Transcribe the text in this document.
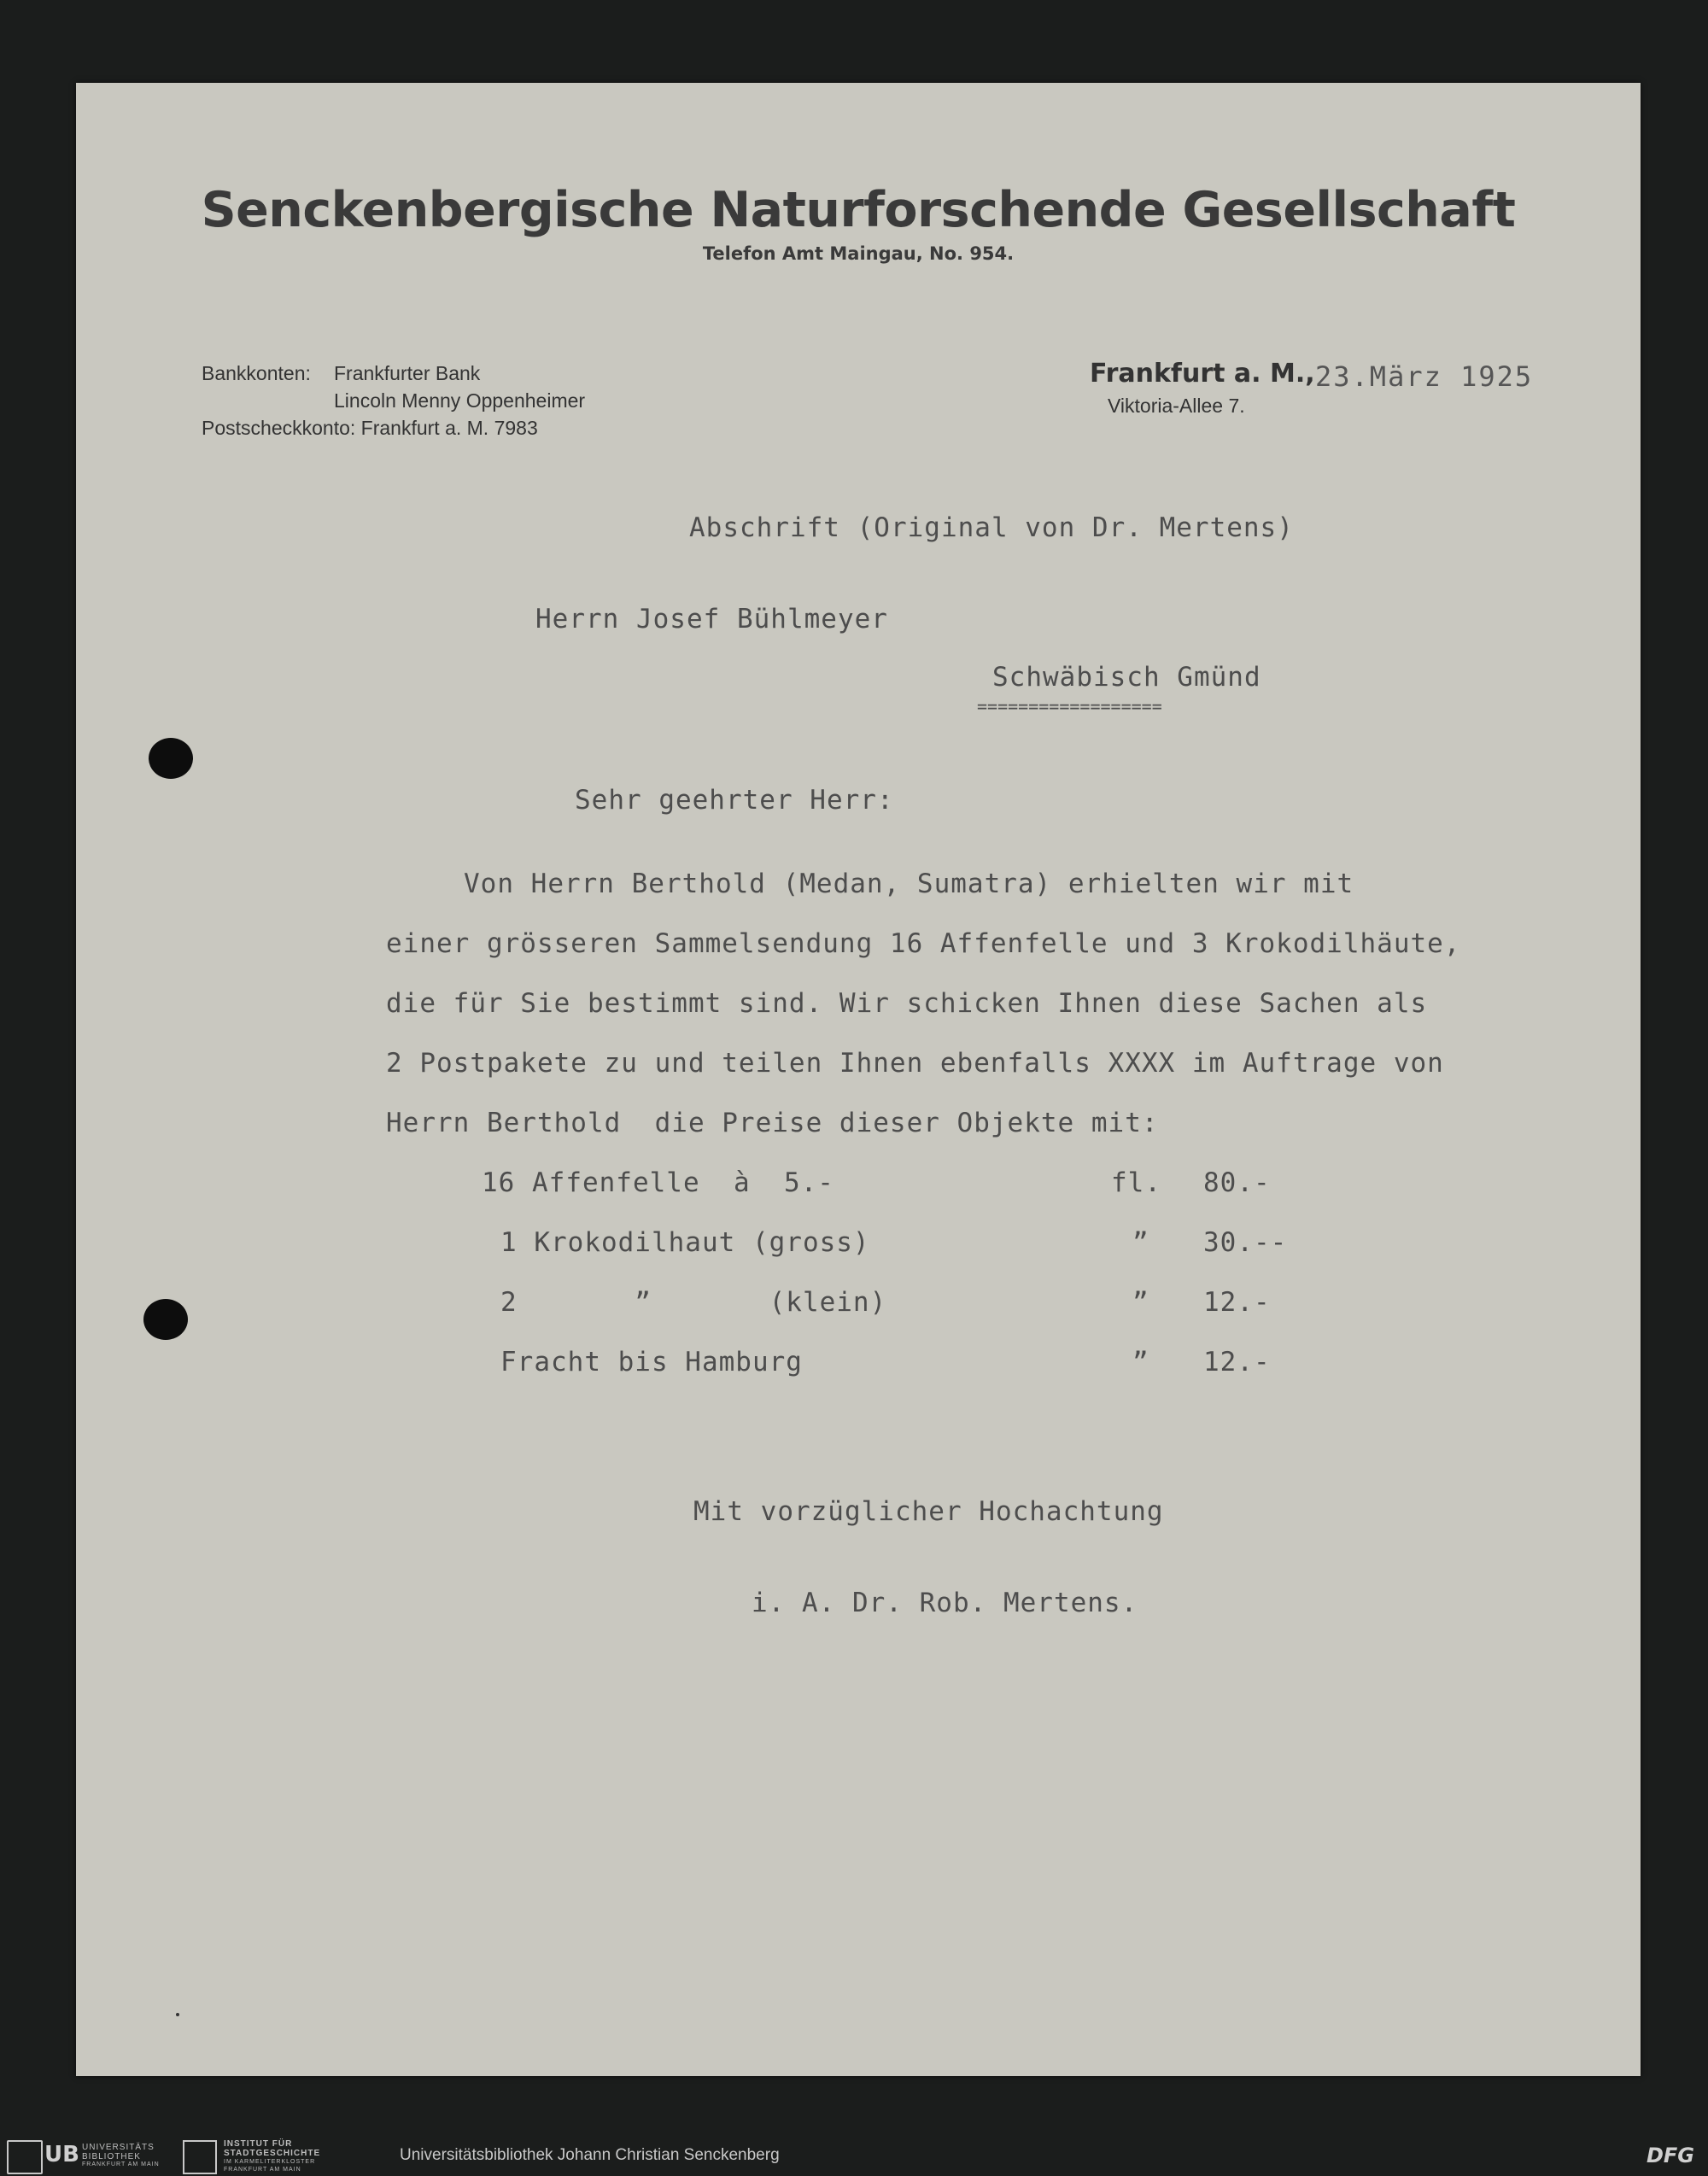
Senckenbergische Naturforschende Gesellschaft
Telefon Amt Maingau, No. 954.
Bankkonten: Frankfurter Bank
Lincoln Menny Oppenheimer
Postscheckkonto: Frankfurt a. M. 7983
Frankfurt a. M., 23.März 1925
Viktoria-Allee 7.
Abschrift (Original von Dr. Mertens)
Herrn Josef Bühlmeyer
Schwäbisch Gmünd
==================
Sehr geehrter Herr:
Von Herrn Berthold (Medan, Sumatra) erhielten wir mit
einer grösseren Sammelsendung 16 Affenfelle und 3 Krokodilhäute,
die für Sie bestimmt sind. Wir schicken Ihnen diese Sachen als
2 Postpakete zu und teilen Ihnen ebenfalls XXXX im Auftrage von
Herrn Berthold  die Preise dieser Objekte mit:
16 Affenfelle  à  5.-	fl. 80.-
1 Krokodilhaut (gross)	” 30.--
2       ”       (klein)	” 12.-
Fracht bis Hamburg	” 12.-
Mit vorzüglicher Hochachtung
i. A. Dr. Rob. Mertens.
UB UNIVERSITÄTS
BIBLIOTHEK
FRANKFURT AM MAIN
INSTITUT FÜR
STADTGESCHICHTE
IM KARMELITERKLOSTER
FRANKFURT AM MAIN
Universitätsbibliothek Johann Christian Senckenberg	DFG
